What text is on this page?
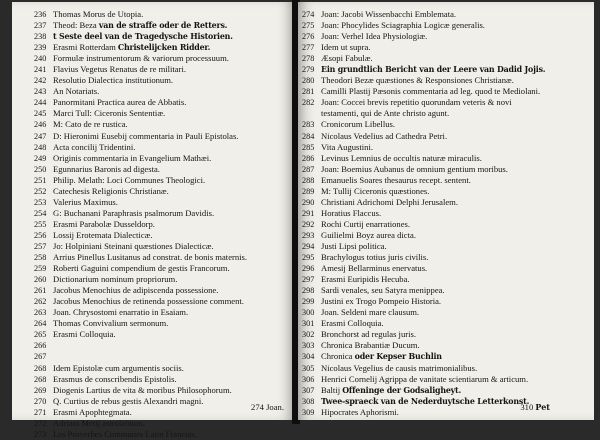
236 Thomas Morus de Utopia.
237 Theod: Beza van de straffe oder de Retters.
238 t Seste deel van de Tragedysche Historien.
239 Erasmi Rotterdam Christelijcken Ridder.
240 Formulæ instrumentorum & variorum processuum.
241 Flavius Vegetus Renatus de re militari.
242 Resolutio Dialectica institutionum.
243 An Notariats.
244 Panormitani Practica aurea de Abbatis.
245 Marci Tull: Ciceronis Sententiæ.
246 M: Cato de re rustica.
247 D: Hieronimi Eusebij commentaria in Pauli Epistolas.
248 Acta concilij Tridentini.
249 Originis commentaria in Evangelium Mathæi.
250 Egunnarius Baronis ad digesta.
251 Philip. Melath: Loci Communes Theologici.
252 Catechesis Religionis Christianæ.
253 Valerius Maximus.
254 G: Buchanani Paraphrasis psalmorum Davidis.
255 Erasmi Parabolæ Dusseldorp.
256 Lossij Erotemata Dialecticæ.
257 Jo: Holpiniani Steinani quæstiones Dialecticæ.
258 Arrius Pinellus Lusitanus ad constrat. de bonis maternis.
259 Roberti Gaguini compendium de gestis Francorum.
260 Dictionarium nominum propriorum.
261 Jacobus Menochius de adipiscenda possessione.
262 Jacobus Menochius de retinenda possessione comment.
263 Joan. Chrysostomi enarratio in Esaiam.
264 Thomas Convivalium sermonum.
265 Erasmi Colloquia.
266
267
268 Idem Epistolæ cum argumentis sociis.
268 Erasmus de conscribendis Epistolis.
269 Diogenis Lartius de vita & moribus Philosophorum.
270 Q. Curtius de rebus gestis Alexandri magni.
271 Erasmi Apophtegmata.
272 Adriani Metij astrolabium.
273 Les Proverbes Communes Latin Francois.
274 Joan.
274 Joan: Jacobi Wissenbacchi Emblemata.
275 Joan: Phocylides Sciagraphia Logicæ generalis.
276 Joan: Verhel Idea Physiologiæ.
277 Idem ut supra.
278 Æsopi Fabulæ.
279 Ein grundtlich Bericht van der Leere van Dadid Jojis.
280 Theodori Bezæ quæstiones & Responsiones Christianæ.
281 Camilli Plastij Pæsonis commentaria ad leg. quod te Mediolani.
282 Joan: Coccei brevis repetitio quorundam veteris & novi
testamenti, qui de Ante christo agunt.
283 Cronicorum Libellus.
284 Nicolaus Vedelius ad Cathedra Petri.
285 Vita Augustini.
286 Levinus Lemnius de occultis naturæ miraculis.
287 Joan: Boemius Aubanus de omnium gentium moribus.
288 Emanuelis Soares thesaurus recept. sentent.
289 M: Tullij Ciceronis quæstiones.
290 Christiani Adrichomi Delphi Jerusalem.
291 Horatius Flaccus.
292 Rochi Curtij enarrationes.
293 Guilielmi Boyz aurea dicta.
294 Justi Lipsi politica.
295 Brachylogus totius juris civilis.
296 Amesij Bellarminus enervatus.
297 Erasmi Euripidis Hecuba.
298 Sardi venales, seu Satyra menippea.
299 Justini ex Trogo Pompeio Historia.
300 Joan. Seldeni mare clausum.
301 Erasmi Colloquia.
302 Bronchorst ad regulas juris.
303 Chronica Brabantiæ Ducum.
304 Chronica oder Kepser Buchlin
305 Nicolaus Vegelius de causis matrimonialibus.
306 Henrici Cornelij Agrippa de vanitate scientiarum & articum.
307 Baltij Offeninge der Godsaligheyt.
308 Twee-spraeck van de Nederduytsche Letterkonst.
309 Hipocrates Aphorismi.	310 Pet
